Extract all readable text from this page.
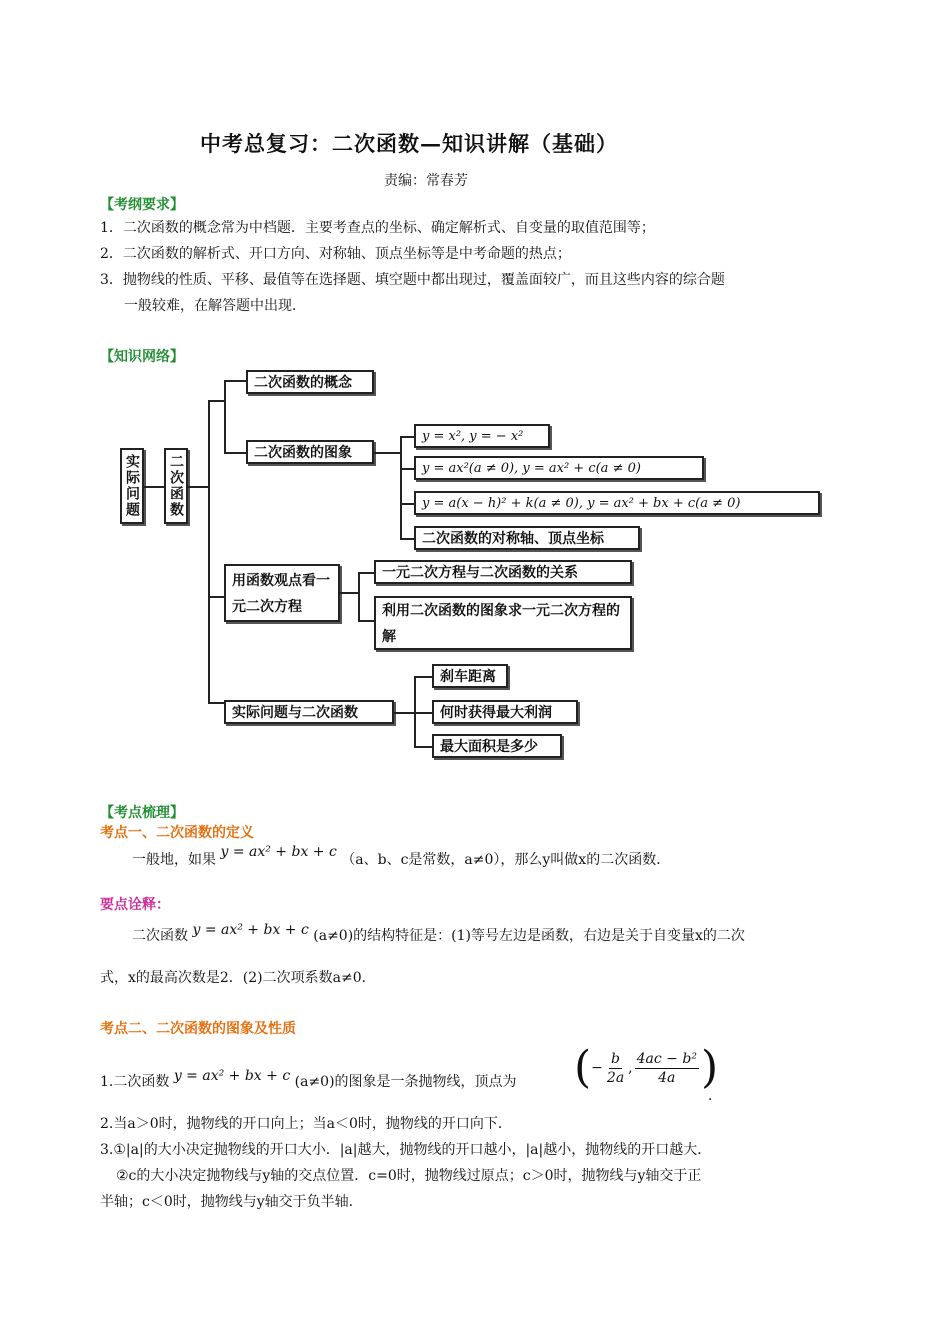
中考总复习：二次函数—知识讲解（基础）
责编：常春芳
【考纲要求】
1．二次函数的概念常为中档题．主要考查点的坐标、确定解析式、自变量的取值范围等；
2．二次函数的解析式、开口方向、对称轴、顶点坐标等是中考命题的热点；
3．抛物线的性质、平移、最值等在选择题、填空题中都出现过，覆盖面较广，而且这些内容的综合题
一般较难，在解答题中出现．
【知识网络】
实际问题 二次函数
二次函数的概念
二次函数的图象
y = x², y = − x²
y = ax²(a ≠ 0), y = ax² + c(a ≠ 0)
y = a(x − h)² + k(a ≠ 0), y = ax² + bx + c(a ≠ 0)
二次函数的对称轴、顶点坐标
用函数观点看一元二次方程
一元二次方程与二次函数的关系
利用二次函数的图象求一元二次方程的解
实际问题与二次函数
刹车距离
何时获得最大利润
最大面积是多少
【考点梳理】
考点一、二次函数的定义
一般地，如果 y = ax² + bx + c （a、b、c是常数，a≠0），那么y叫做x的二次函数．
要点诠释：
二次函数 y = ax² + bx + c (a≠0)的结构特征是：(1)等号左边是函数，右边是关于自变量x的二次
式，x的最高次数是2．(2)二次项系数a≠0．
考点二、二次函数的图象及性质
1.二次函数 y = ax² + bx + c (a≠0)的图象是一条抛物线，顶点为 ( − $\frac{b}{2a}$ , $\frac{\text{4ac − b²}}{4a}$ )
．
2.当a＞0时，抛物线的开口向上；当a＜0时，抛物线的开口向下．
3.①|a|的大小决定抛物线的开口大小．|a|越大，抛物线的开口越小，|a|越小，抛物线的开口越大．
②c的大小决定抛物线与y轴的交点位置．c=0时，抛物线过原点；c＞0时，抛物线与y轴交于正
半轴；c＜0时，抛物线与y轴交于负半轴．
